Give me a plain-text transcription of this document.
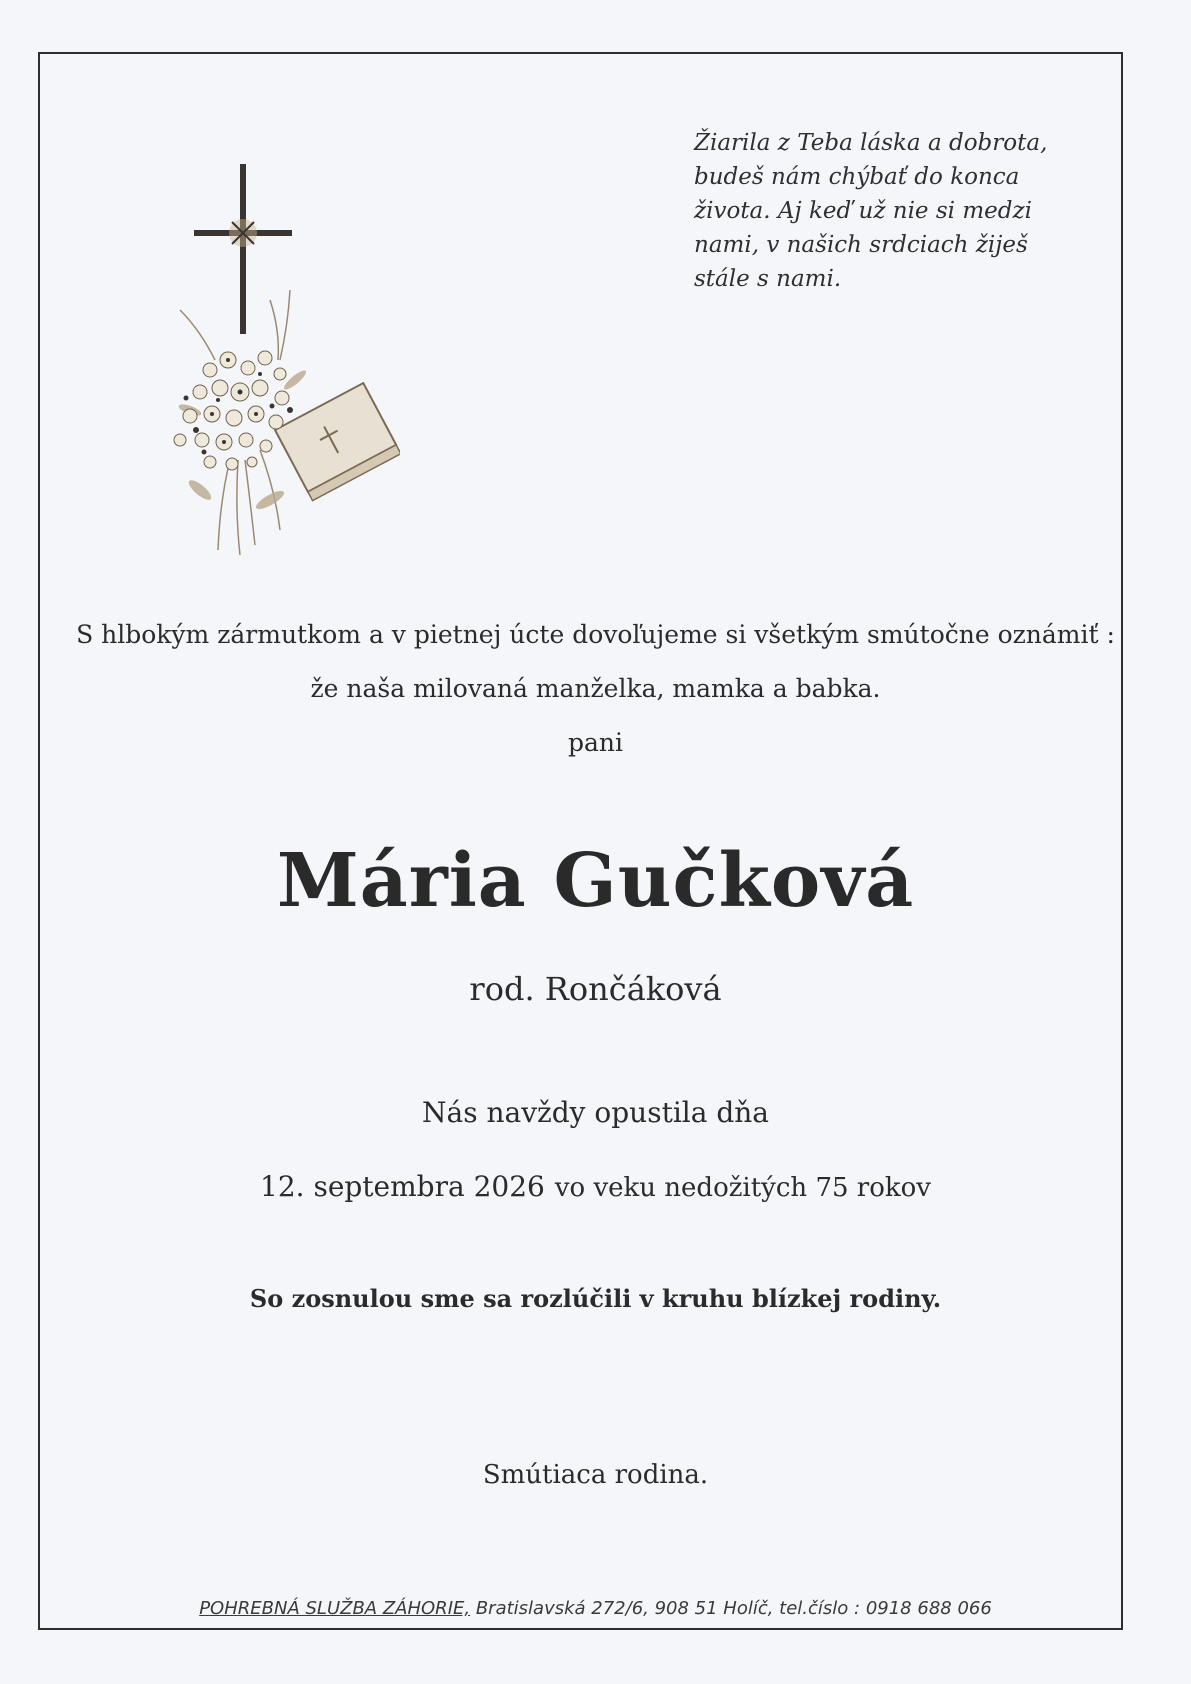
Žiarila z Teba láska a dobrota,
budeš nám chýbať do konca
života. Aj keď už nie si medzi
nami, v našich srdciach žiješ
stále s nami.

S hlbokým zármutkom a v pietnej úcte dovoľujeme si všetkým smútočne oznámiť :
že naša milovaná manželka, mamka a babka.
pani
Mária Gučková
rod. Rončáková
Nás navždy opustila dňa
12. septembra 2026 vo veku nedožitých 75 rokov
So zosnulou sme sa rozlúčili v kruhu blízkej rodiny.
Smútiaca rodina.
POHREBNÁ SLUŽBA ZÁHORIE, Bratislavská 272/6, 908 51 Holíč, tel.číslo : 0918 688 066
